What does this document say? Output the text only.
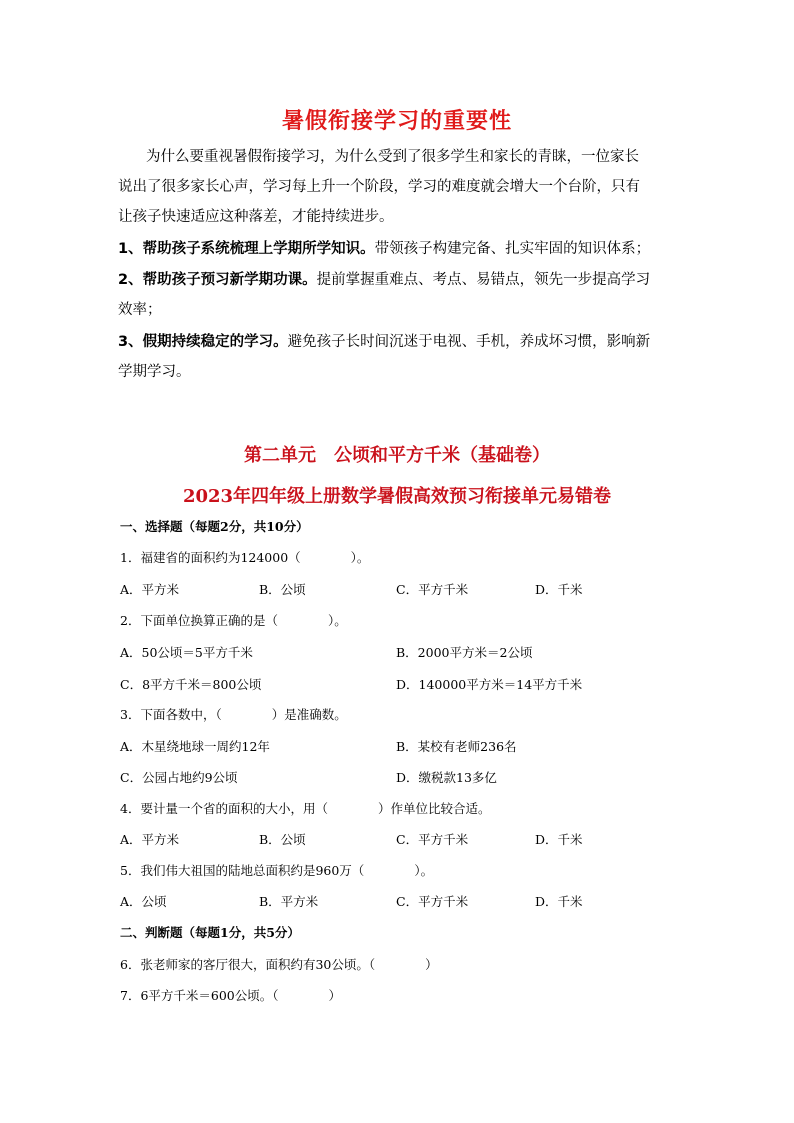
暑假衔接学习的重要性
为什么要重视暑假衔接学习，为什么受到了很多学生和家长的青睐，一位家长
说出了很多家长心声，学习每上升一个阶段，学习的难度就会增大一个台阶，只有
让孩子快速适应这种落差，才能持续进步。
1、帮助孩子系统梳理上学期所学知识。带领孩子构建完备、扎实牢固的知识体系；
2、帮助孩子预习新学期功课。提前掌握重难点、考点、易错点，领先一步提高学习
效率；
3、假期持续稳定的学习。避免孩子长时间沉迷于电视、手机，养成坏习惯，影响新
学期学习。
第二单元　公顷和平方千米（基础卷）
2023年四年级上册数学暑假高效预习衔接单元易错卷
一、选择题（每题2分，共10分）
1．福建省的面积约为124000（　　　　）。
A．平方米	B．公顷	C．平方千米	D．千米
2．下面单位换算正确的是（　　　　）。
A．50公顷＝5平方千米	B．2000平方米＝2公顷
C．8平方千米＝800公顷	D．140000平方米＝14平方千米
3．下面各数中，（　　　　）是准确数。
A．木星绕地球一周约12年	B．某校有老师236名
C．公园占地约9公顷	D．缴税款13多亿
4．要计量一个省的面积的大小，用（　　　　）作单位比较合适。
A．平方米	B．公顷	C．平方千米	D．千米
5．我们伟大祖国的陆地总面积约是960万（　　　　）。
A．公顷	B．平方米	C．平方千米	D．千米
二、判断题（每题1分，共5分）
6．张老师家的客厅很大，面积约有30公顷。（　　　　）
7．6平方千米＝600公顷。（　　　　）
